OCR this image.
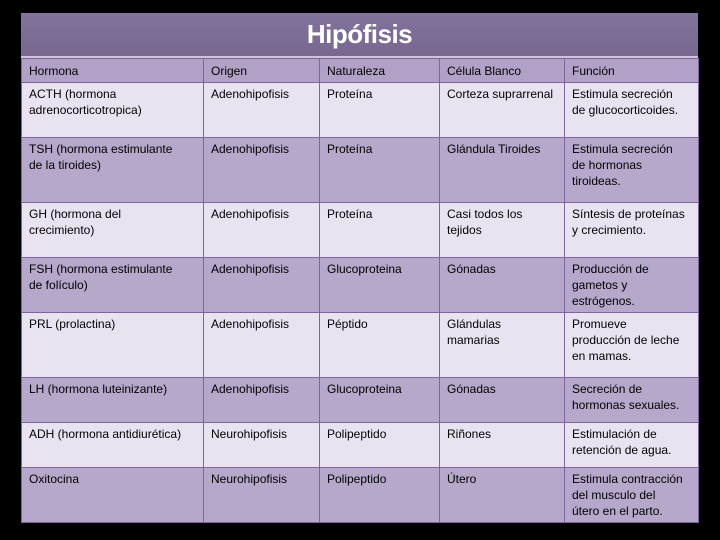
Hipófisis
Hormona	Origen	Naturaleza	Célula Blanco	Función
ACTH (hormona adrenocorticotropica)	Adenohipofisis	Proteína	Corteza suprarrenal	Estimula secreción de glucocorticoides.
TSH (hormona estimulante de la tiroides)	Adenohipofisis	Proteína	Glándula Tiroides	Estimula secreción de hormonas tiroideas.
GH (hormona del crecimiento)	Adenohipofisis	Proteína	Casi todos los tejidos	Síntesis de proteínas y crecimiento.
FSH (hormona estimulante de folículo)	Adenohipofisis	Glucoproteina	Gónadas	Producción de gametos y estrógenos.
PRL (prolactina)	Adenohipofisis	Péptido	Glándulas mamarias	Promueve producción de leche en mamas.
LH (hormona luteinizante)	Adenohipofisis	Glucoproteina	Gónadas	Secreción de hormonas sexuales.
ADH (hormona antidiurética)	Neurohipofisis	Polipeptido	Riñones	Estimulación de retención de agua.
Oxitocina	Neurohipofisis	Polipeptido	Útero	Estimula contracción del musculo del útero en el parto.
